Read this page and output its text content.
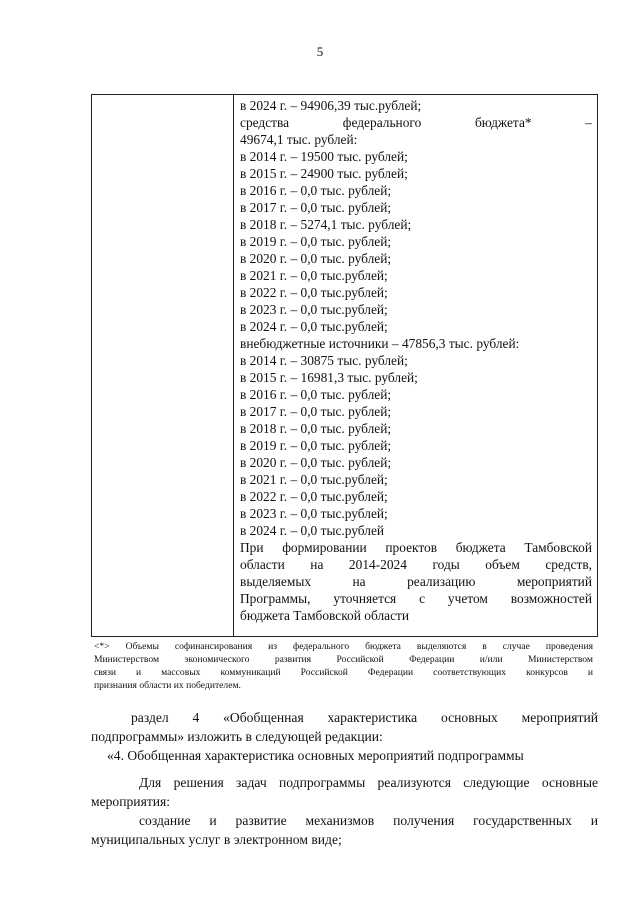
5
в 2024 г. – 94906,39 тыс.рублей;
средства федерального бюджета* –
49674,1 тыс. рублей:
в 2014 г. – 19500 тыс. рублей;
в 2015 г. – 24900 тыс. рублей;
в 2016 г. – 0,0 тыс. рублей;
в 2017 г. – 0,0 тыс. рублей;
в 2018 г. – 5274,1 тыс. рублей;
в 2019 г. – 0,0 тыс. рублей;
в 2020 г. – 0,0 тыс. рублей;
в 2021 г. – 0,0 тыс.рублей;
в 2022 г. – 0,0 тыс.рублей;
в 2023 г. – 0,0 тыс.рублей;
в 2024 г. – 0,0 тыс.рублей;
внебюджетные источники – 47856,3 тыс. рублей:
в 2014 г. – 30875 тыс. рублей;
в 2015 г. – 16981,3 тыс. рублей;
в 2016 г. – 0,0 тыс. рублей;
в 2017 г. – 0,0 тыс. рублей;
в 2018 г. – 0,0 тыс. рублей;
в 2019 г. – 0,0 тыс. рублей;
в 2020 г. – 0,0 тыс. рублей;
в 2021 г. – 0,0 тыс.рублей;
в 2022 г. – 0,0 тыс.рублей;
в 2023 г. – 0,0 тыс.рублей;
в 2024 г. – 0,0 тыс.рублей
При формировании проектов бюджета Тамбовской
области на 2014-2024 годы объем средств,
выделяемых на реализацию мероприятий
Программы, уточняется с учетом возможностей
бюджета Тамбовской области
<*> Объемы софинансирования из федерального бюджета выделяются в случае проведения
Министерством экономического развития Российской Федерации и/или Министерством
связи и массовых коммуникаций Российской Федерации соответствующих конкурсов и
признания области их победителем.
раздел 4 «Обобщенная характеристика основных мероприятий
подпрограммы» изложить в следующей редакции:
«4. Обобщенная характеристика основных мероприятий подпрограммы
Для решения задач подпрограммы реализуются следующие основные
мероприятия:
создание и развитие механизмов получения государственных и
муниципальных услуг в электронном виде;
